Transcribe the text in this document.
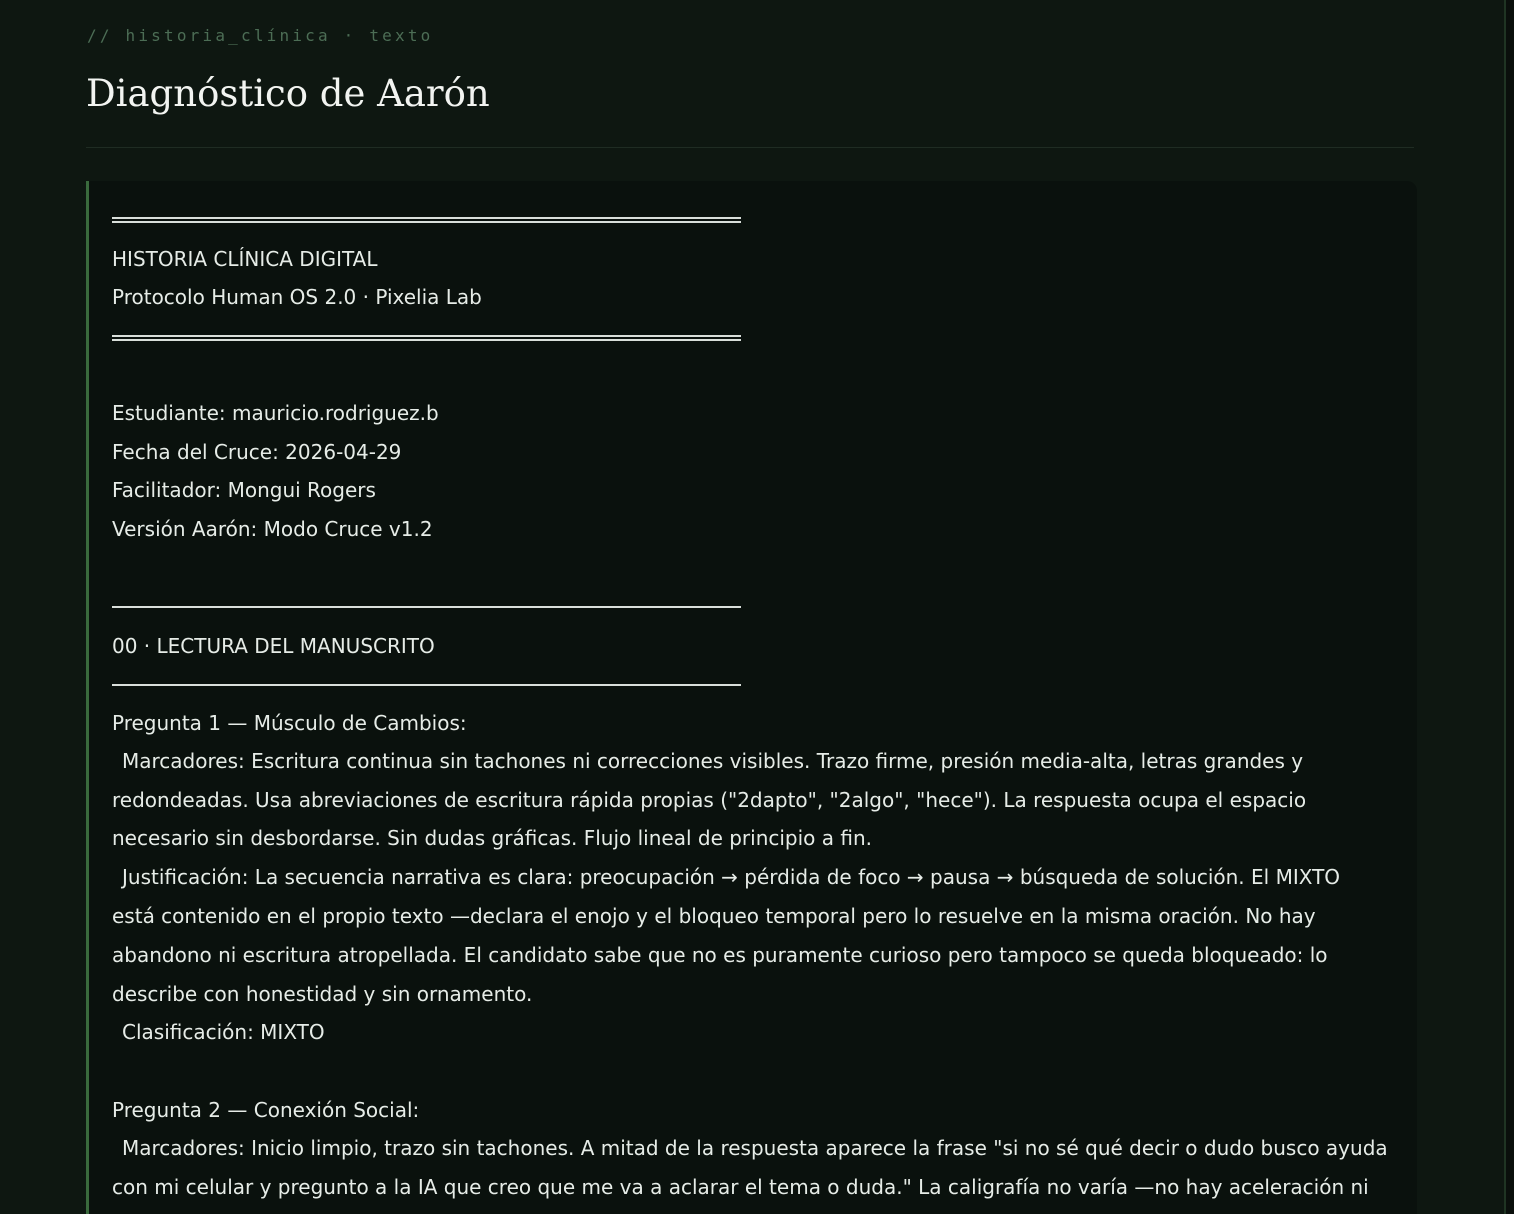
// historia_clínica · texto
Diagnóstico de Aarón
HISTORIA CLÍNICA DIGITAL
Protocolo Human OS 2.0 · Pixelia Lab
Estudiante: mauricio.rodriguez.b
Fecha del Cruce: 2026-04-29
Facilitador: Mongui Rogers
Versión Aarón: Modo Cruce v1.2
00 · LECTURA DEL MANUSCRITO
Pregunta 1 — Músculo de Cambios:
Marcadores: Escritura continua sin tachones ni correcciones visibles. Trazo firme, presión media-alta, letras grandes y
redondeadas. Usa abreviaciones de escritura rápida propias ("2dapto", "2algo", "hece"). La respuesta ocupa el espacio
necesario sin desbordarse. Sin dudas gráficas. Flujo lineal de principio a fin.
Justificación: La secuencia narrativa es clara: preocupación → pérdida de foco → pausa → búsqueda de solución. El MIXTO
está contenido en el propio texto —declara el enojo y el bloqueo temporal pero lo resuelve en la misma oración. No hay
abandono ni escritura atropellada. El candidato sabe que no es puramente curioso pero tampoco se queda bloqueado: lo
describe con honestidad y sin ornamento.
Clasificación: MIXTO
Pregunta 2 — Conexión Social:
Marcadores: Inicio limpio, trazo sin tachones. A mitad de la respuesta aparece la frase "si no sé qué decir o dudo busco ayuda
con mi celular y pregunto a la IA que creo que me va a aclarar el tema o duda." La caligrafía no varía —no hay aceleración ni
